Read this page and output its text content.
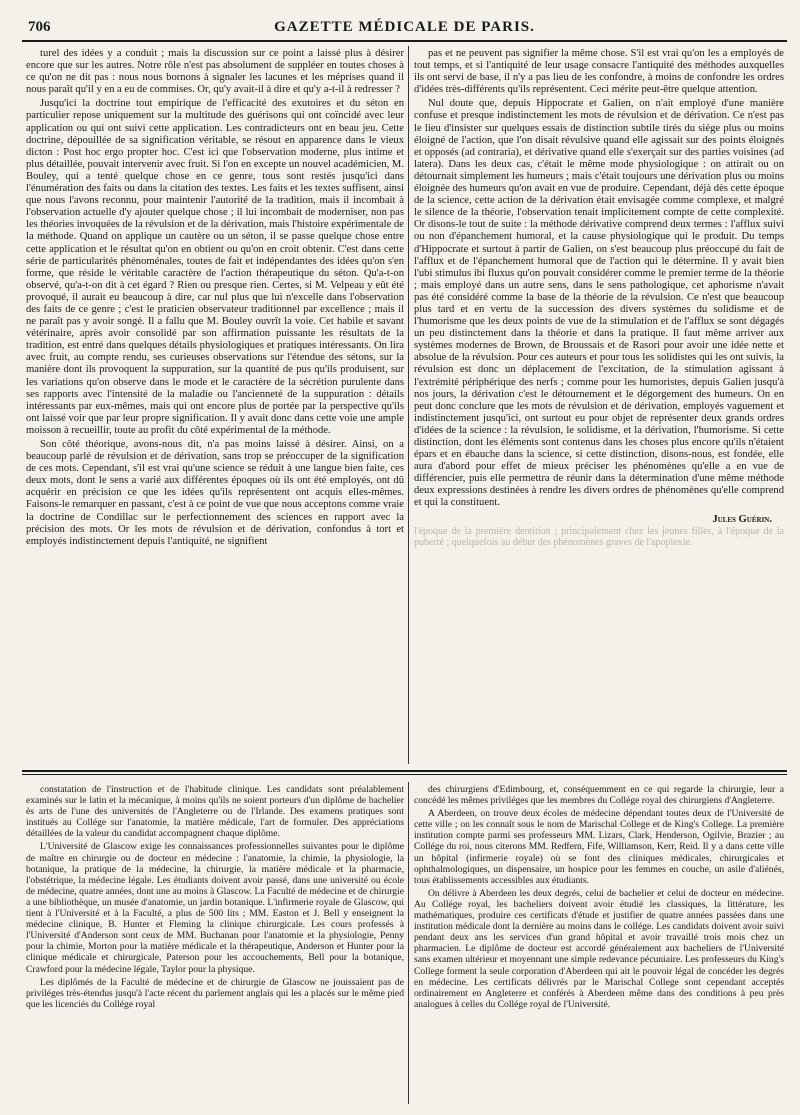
706	GAZETTE MÉDICALE DE PARIS.

turel des idées y a conduit ; mais la discussion sur ce point a laissé plus à désirer encore que sur les autres. Notre rôle n'est pas absolument de suppléer en toutes choses à ce qu'on ne dit pas : nous nous bornons à signaler les lacunes et les méprises quand il nous paraît qu'il y en a eu de commises. Or, qu'y avait-il à dire et qu'y a-t-il à redresser ?

Jusqu'ici la doctrine tout empirique de l'efficacité des exutoires et du séton en particulier repose uniquement sur la multitude des guérisons qui ont coïncidé avec leur application ou qui ont suivi cette application. Les contradicteurs ont en beau jeu. Cette doctrine, dépouillée de sa signification véritable, se résout en apparence dans le vieux dicton : Post hoc ergo propter hoc. C'est ici que l'observation moderne, plus intime et plus détaillée, pouvait intervenir avec fruit. Si l'on en excepte un nouvel académicien, M. Bouley, qui a tenté quelque chose en ce genre, tous sont restés jusqu'ici dans l'énumération des faits ou dans la citation des textes. Les faits et les textes suffisent, ainsi que nous l'avons reconnu, pour maintenir l'autorité de la tradition, mais il incombait à l'observation actuelle d'y ajouter quelque chose ; il lui incombait de moderniser, non pas les théories invoquées de la révulsion et de la dérivation, mais l'histoire expérimentale de la méthode. Quand on applique un cautère ou un séton, il se passe quelque chose entre cette application et le résultat qu'on en obtient ou qu'on en croit obtenir. C'est dans cette série de particularités phénoménales, toutes de fait et indépendantes des idées qu'on s'en forme, que réside le véritable caractère de l'action thérapeutique du séton. Qu'a-t-on observé, qu'a-t-on dit à cet égard ? Rien ou presque rien. Certes, si M. Velpeau y eût été provoqué, il aurait eu beaucoup à dire, car nul plus que lui n'excelle dans l'observation des faits de ce genre ; c'est le praticien observateur traditionnel par excellence ; mais il ne paraît pas y avoir songé. Il a fallu que M. Bouley ouvrît la voie. Cet habile et savant vétérinaire, après avoir consolidé par son affirmation puissante les résultats de la tradition, est entré dans quelques détails physiologiques et pratiques intéressants. On lira avec fruit, au compte rendu, ses curieuses observations sur l'étendue des sétons, sur la manière dont ils provoquent la suppuration, sur la quantité de pus qu'ils produisent, sur les variations qu'on observe dans le mode et le caractère de la sécrétion purulente dans ses rapports avec l'intensité de la maladie ou l'ancienneté de la suppuration : détails intéressants par eux-mêmes, mais qui ont encore plus de portée par la perspective qu'ils ont laissé voir que par leur propre signification. Il y avait donc dans cette voie une ample moisson à recueillir, toute au profit du côté expérimental de la méthode.

Son côté théorique, avons-nous dit, n'a pas moins laissé à désirer. Ainsi, on a beaucoup parlé de révulsion et de dérivation, sans trop se préoccuper de la signification de ces mots. Cependant, s'il est vrai qu'une science se réduit à une langue bien faite, ces deux mots, dont le sens a varié aux différentes époques où ils ont été employés, ont dû acquérir en précision ce que les idées qu'ils représentent ont acquis elles-mêmes. Faisons-le remarquer en passant, c'est à ce point de vue que nous acceptons comme vraie la doctrine de Condillac sur le perfectionnement des sciences en rapport avec la précision des mots. Or les mots de révulsion et de dérivation, confondus à tort et employés indistinctement depuis l'antiquité, ne signifient

pas et ne peuvent pas signifier la même chose. S'il est vrai qu'on les a employés de tout temps, et si l'antiquité de leur usage consacre l'antiquité des méthodes auxquelles ils ont servi de base, il n'y a pas lieu de les confondre, à moins de confondre les ordres d'idées très-différents qu'ils représentent. Ceci mérite peut-être quelque attention.

Nul doute que, depuis Hippocrate et Galien, on n'ait employé d'une manière confuse et presque indistinctement les mots de révulsion et de dérivation. Ce n'est pas le lieu d'insister sur quelques essais de distinction subtile tirés du siége plus ou moins éloigné de l'action, que l'on disait révulsive quand elle agissait sur des points éloignés et opposés (ad contraria), et dérivative quand elle s'exerçait sur des parties voisines (ad latera). Dans les deux cas, c'était le même mode physiologique : on attirait ou on détournait simplement les humeurs ; mais c'était toujours une dérivation plus ou moins éloignée des humeurs qu'on avait en vue de produire. Cependant, déjà dès cette époque de la science, cette action de la dérivation était envisagée comme complexe, et malgré le silence de la théorie, l'observation tenait implicitement compte de cette complexité. Or disons-le tout de suite : la méthode dérivative comprend deux termes : l'afflux suivi ou non d'épanchement humoral, et la cause physiologique qui le produit. Du temps d'Hippocrate et surtout à partir de Galien, on s'est beaucoup plus préoccupé du fait de l'afflux et de l'épanchement humoral que de l'action qui le détermine. Il y avait bien l'ubi stimulus ibi fluxus qu'on pouvait considérer comme le premier terme de la théorie ; mais employé dans un autre sens, dans le sens pathologique, cet aphorisme n'avait pas été considéré comme la base de la théorie de la révulsion. Ce n'est que beaucoup plus tard et en vertu de la succession des divers systèmes du solidisme et de l'humorisme que les deux points de vue de la stimulation et de l'afflux se sont dégagés un peu distinctement dans la théorie et dans la pratique. Il faut même arriver aux systèmes modernes de Brown, de Broussais et de Rasori pour avoir une idée nette et absolue de la révulsion. Pour ces auteurs et pour tous les solidistes qui les ont suivis, la révulsion est donc un déplacement de l'excitation, de la stimulation agissant à l'extrémité périphérique des nerfs ; comme pour les humoristes, depuis Galien jusqu'à nos jours, la dérivation c'est le détournement et le dégorgement des humeurs. On en peut donc conclure que les mots de révulsion et de dérivation, employés vaguement et indistinctement jusqu'ici, ont surtout eu pour objet de représenter deux grands ordres d'idées de la science : la révulsion, le solidisme, et la dérivation, l'humorisme. Si cette distinction, dont les éléments sont contenus dans les choses plus encore qu'ils n'étaient épars et en ébauche dans la science, si cette distinction, disons-nous, est fondée, elle aura d'abord pour effet de mieux préciser les phénomènes qu'elle a en vue de différencier, puis elle permettra de réunir dans la détermination d'une même méthode deux expressions destinées à rendre les divers ordres de phénomènes qu'elle comprend et qui la constituent.

Jules Guérin.
l'époque de la première dentition ; principalement chez les jeunes filles, à l'époque de la puberté ; quelquefois au début des phénomènes graves de l'apoplexie.

constatation de l'instruction et de l'habitude clinique. Les candidats sont préalablement examinés sur le latin et la mécanique, à moins qu'ils ne soient porteurs d'un diplôme de bachelier ès arts de l'une des universités de l'Angleterre ou de l'Irlande. Des examens pratiques sont institués au Collége sur l'anatomie, la matière médicale, l'art de formuler. Des appréciations détaillées de la valeur du candidat accompagnent chaque diplôme.

L'Université de Glascow exige les connaissances professionnelles suivantes pour le diplôme de maître en chirurgie ou de docteur en médecine : l'anatomie, la chimie, la physiologie, la botanique, la pratique de la médecine, la chirurgie, la matière médicale et la pharmacie, l'obstétrique, la médecine légale. Les étudiants doivent avoir passé, dans une université ou école de médecine, quatre années, dont une au moins à Glascow. La Faculté de médecine et de chirurgie a une bibliothèque, un musée d'anatomie, un jardin botanique. L'infirmerie royale de Glascow, qui tient à l'Université et à la Faculté, a plus de 500 lits ; MM. Easton et J. Bell y enseignent la médecine clinique, B. Hunter et Fleming la clinique chirurgicale. Les cours professés à l'Université d'Anderson sont ceux de MM. Buchanan pour l'anatomie et la physiologie, Penny pour la chimie, Morton pour la matière médicale et la thérapeutique, Anderson et Hunter pour la clinique médicale et chirurgicale, Paterson pour les accouchements, Bell pour la botanique, Crawford pour la médecine légale, Taylor pour la physique.

Les diplômés de la Faculté de médecine et de chirurgie de Glascow ne jouissaient pas de priviléges très-étendus jusqu'à l'acte récent du parlement anglais qui les a placés sur le même pied que les licenciés du Collége royal

des chirurgiens d'Edimbourg, et, conséquemment en ce qui regarde la chirurgie, leur a concédé les mêmes priviléges que les membres du Collége royal des chirurgiens d'Angleterre.

A Aberdeen, on trouve deux écoles de médecine dépendant toutes deux de l'Université de cette ville ; on les connaît sous le nom de Marischal College et de King's College. La première institution compte parmi ses professeurs MM. Lizars, Clark, Henderson, Ogilvie, Brazier ; au Collége du roi, nous citerons MM. Redfern, Fife, Williamson, Kerr, Reid. Il y a dans cette ville un hôpital (infirmerie royale) où se font des cliniques médicales, chirurgicales et ophthalmologiques, un dispensaire, un hospice pour les femmes en couche, un asile d'aliénés, tous établissements accessibles aux étudiants.

On délivre à Aberdeen les deux degrés, celui de bachelier et celui de docteur en médecine. Au Collége royal, les bacheliers doivent avoir étudié les classiques, la littérature, les mathématiques, produire ces certificats d'étude et justifier de quatre années passées dans une institution médicale dont la dernière au moins dans le collége. Les candidats doivent avoir suivi pendant deux ans les services d'un grand hôpital et avoir travaillé trois mois chez un pharmacien. Le diplôme de docteur est accordé généralement aux bacheliers de l'Université sans examen ultérieur et moyennant une simple redevance pécuniaire. Les professeurs du King's College forment la seule corporation d'Aberdeen qui ait le pouvoir légal de concéder les degrés en médecine. Les certificats délivrés par le Marischal College sont cependant acceptés ordinairement en Angleterre et conférés à Aberdeen même dans des conditions à peu près analogues à celles du Collége royal de l'Université.
